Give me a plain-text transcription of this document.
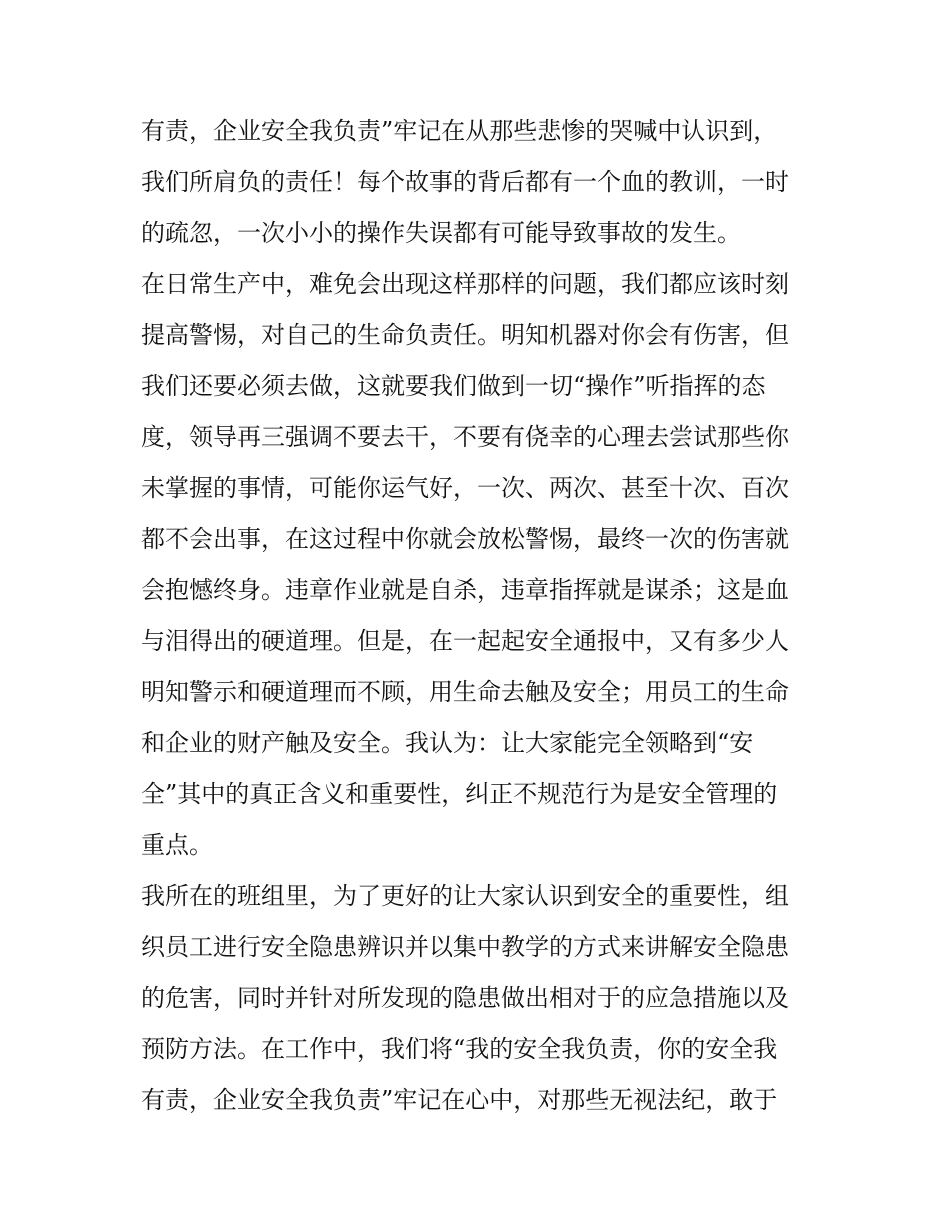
有责，企业安全我负责”牢记在从那些悲惨的哭喊中认识到，
我们所肩负的责任！每个故事的背后都有一个血的教训，一时
的疏忽，一次小小的操作失误都有可能导致事故的发生。
在日常生产中，难免会出现这样那样的问题，我们都应该时刻
提高警惕，对自己的生命负责任。明知机器对你会有伤害，但
我们还要必须去做，这就要我们做到一切“操作”听指挥的态
度，领导再三强调不要去干，不要有侥幸的心理去尝试那些你
未掌握的事情，可能你运气好，一次、两次、甚至十次、百次
都不会出事，在这过程中你就会放松警惕，最终一次的伤害就
会抱憾终身。违章作业就是自杀，违章指挥就是谋杀；这是血
与泪得出的硬道理。但是，在一起起安全通报中，又有多少人
明知警示和硬道理而不顾，用生命去触及安全；用员工的生命
和企业的财产触及安全。我认为：让大家能完全领略到“安
全”其中的真正含义和重要性，纠正不规范行为是安全管理的
重点。
我所在的班组里，为了更好的让大家认识到安全的重要性，组
织员工进行安全隐患辨识并以集中教学的方式来讲解安全隐患
的危害，同时并针对所发现的隐患做出相对于的应急措施以及
预防方法。在工作中，我们将“我的安全我负责，你的安全我
有责，企业安全我负责”牢记在心中，对那些无视法纪，敢于
